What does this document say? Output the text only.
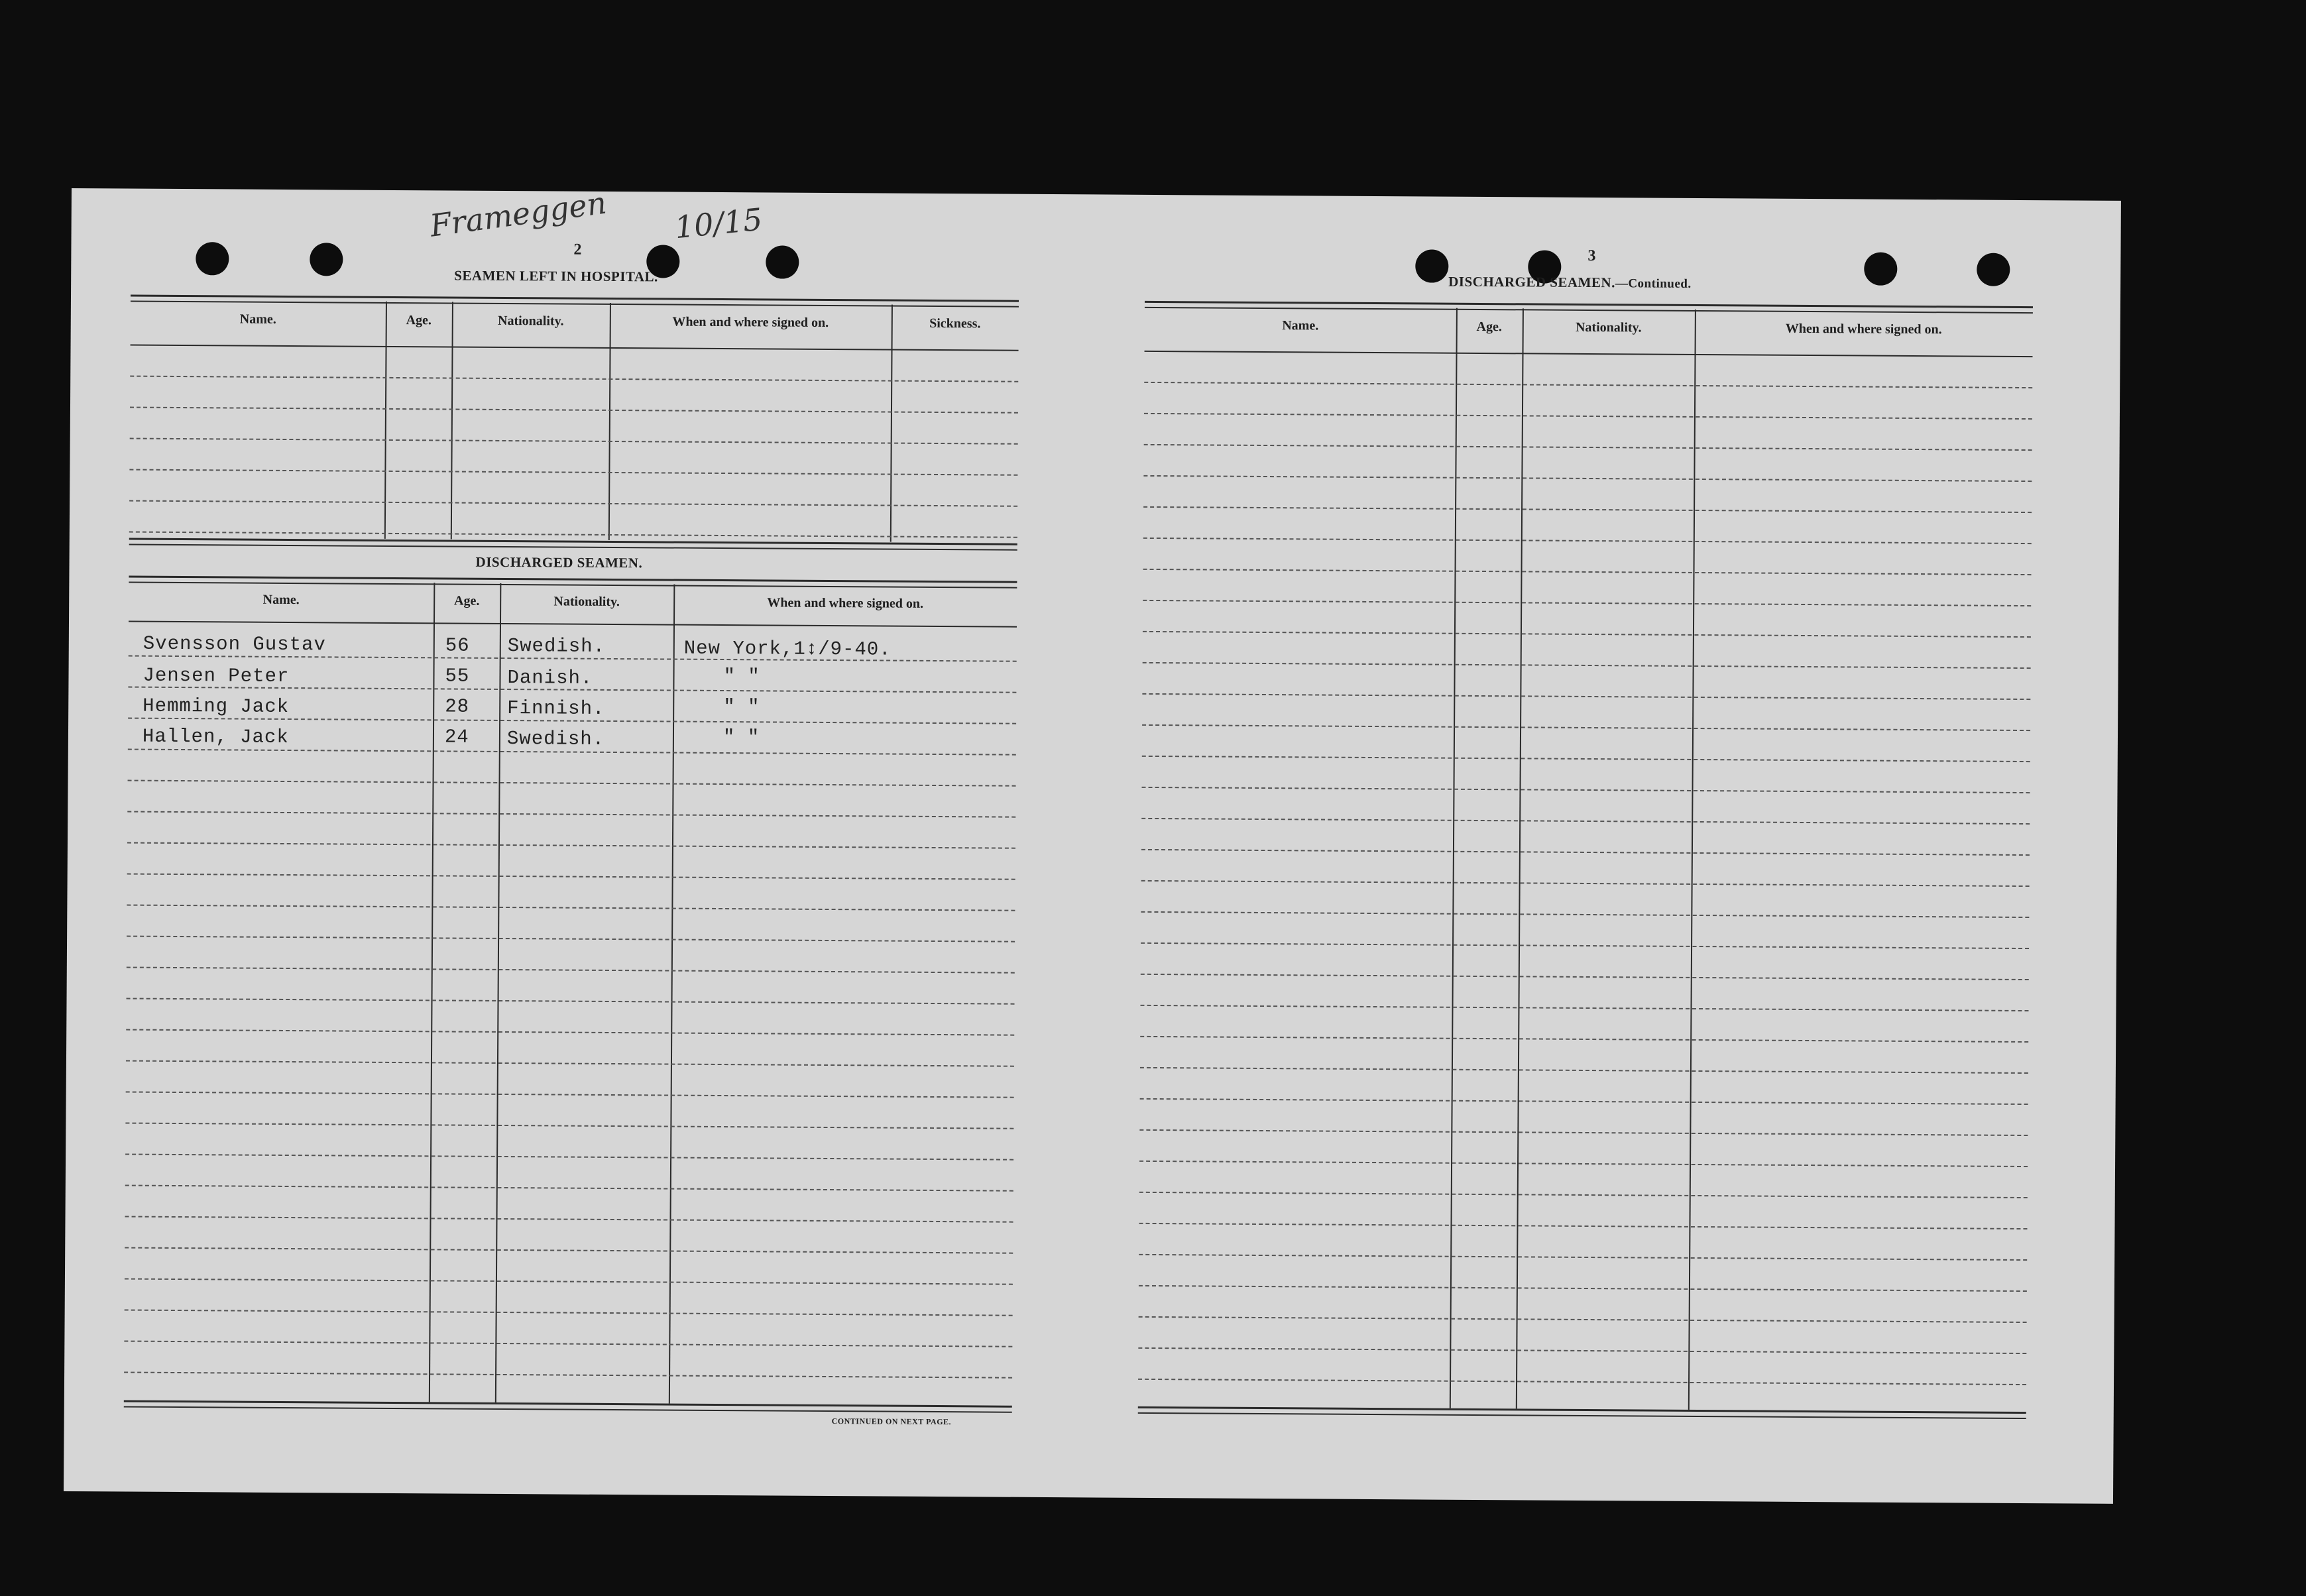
Frameggen 10/15
2
SEAMEN LEFT IN HOSPITAL.
Name.	Age.	Nationality.	When and where signed on.	Sickness.
DISCHARGED SEAMEN.
Name.	Age.	Nationality.	When and where signed on.
Svensson Gustav	56 Swedish.	New York,1↕/9-40.
Jensen Peter	55 Danish.	" "
Hemming Jack	28 Finnish.	" "
Hallen, Jack	24 Swedish.	" "
CONTINUED ON NEXT PAGE.
3
DISCHARGED SEAMEN.—Continued.
Name.	Age.	Nationality.	When and where signed on.
